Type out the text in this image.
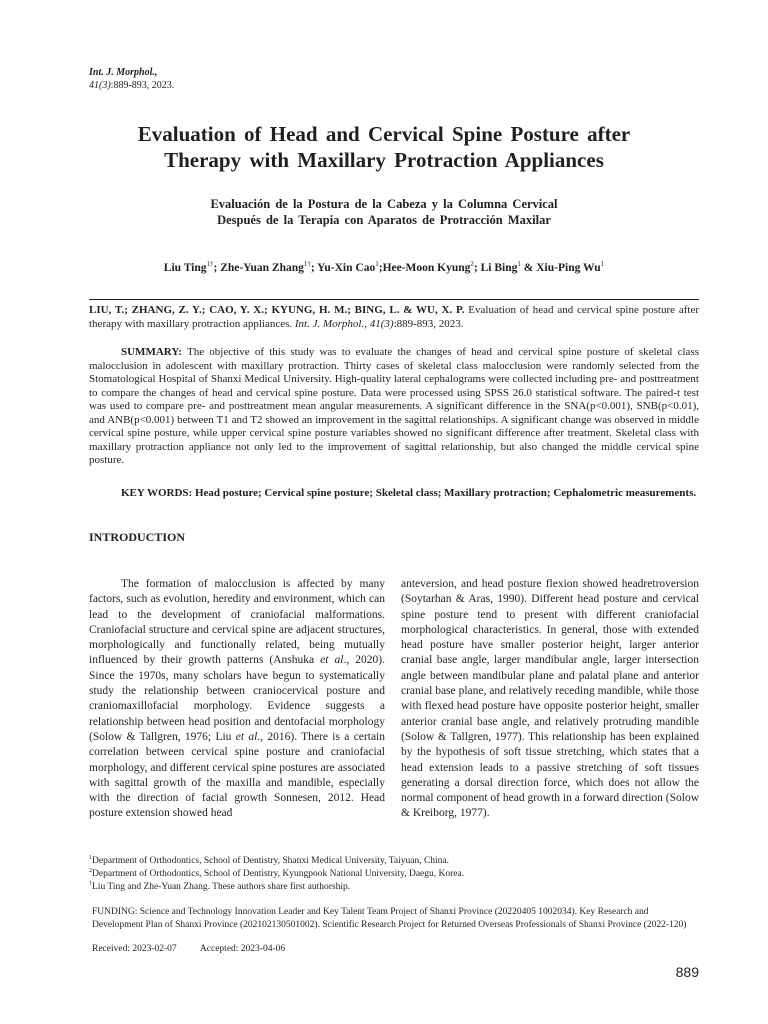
Int. J. Morphol.,
41(3):889-893, 2023.
Evaluation of Head and Cervical Spine Posture after
Therapy with Maxillary Protraction Appliances
Evaluación de la Postura de la Cabeza y la Columna Cervical
Después de la Terapia con Aparatos de Protracción Maxilar
Liu Ting$^{1\dagger}$; Zhe-Yuan Zhang$^{1\dagger}$; Yu-Xin Cao$^1$;Hee-Moon Kyung$^2$; Li Bing$^1$ & Xiu-Ping Wu$^1$
LIU, T.; ZHANG, Z. Y.; CAO, Y. X.; KYUNG, H. M.; BING, L. & WU, X. P. Evaluation of head and cervical spine posture after therapy with maxillary protraction appliances. Int. J. Morphol., 41(3):889-893, 2023.
SUMMARY: The objective of this study was to evaluate the changes of head and cervical spine posture of skeletal class malocclusion in adolescent with maxillary protraction. Thirty cases of skeletal class malocclusion were randomly selected from the Stomatological Hospital of Shanxi Medical University. High-quality lateral cephalograms were collected including pre- and posttreatment to compare the changes of head and cervical spine posture. Data were processed using SPSS 26.0 statistical software. The paired-t test was used to compare pre- and posttreatment mean angular measurements. A significant difference in the SNA(p<0.001), SNB(p<0.01), and ANB(p<0.001) between T1 and T2 showed an improvement in the sagittal relationships. A significant change was observed in middle cervical spine posture, while upper cervical spine posture variables showed no significant difference after treatment. Skeletal class with maxillary protraction appliance not only led to the improvement of sagittal relationship, but also changed the middle cervical spine posture.
KEY WORDS: Head posture; Cervical spine posture; Skeletal class; Maxillary protraction; Cephalometric measurements.
INTRODUCTION
The formation of malocclusion is affected by many factors, such as evolution, heredity and environment, which can lead to the development of craniofacial malformations. Craniofacial structure and cervical spine are adjacent structures, morphologically and functionally related, being mutually influenced by their growth patterns (Anshuka et al., 2020). Since the 1970s, many scholars have begun to systematically study the relationship between craniocervical posture and craniomaxillofacial morphology. Evidence suggests a relationship between head position and dentofacial morphology (Solow & Tallgren, 1976; Liu et al., 2016). There is a certain correlation between cervical spine posture and craniofacial morphology, and different cervical spine postures are associated with sagittal growth of the maxilla and mandible, especially with the direction of facial growth Sonnesen, 2012. Head posture extension showed head
anteversion, and head posture flexion showed headretroversion (Soytarhan & Aras, 1990). Different head posture and cervical spine posture tend to present with different craniofacial morphological characteristics. In general, those with extended head posture have smaller posterior height, larger anterior cranial base angle, larger mandibular angle, larger intersection angle between mandibular plane and palatal plane and anterior cranial base plane, and relatively receding mandible, while those with flexed head posture have opposite posterior height, smaller anterior cranial base angle, and relatively protruding mandible (Solow & Tallgren, 1977). This relationship has been explained by the hypothesis of soft tissue stretching, which states that a head extension leads to a passive stretching of soft tissues generating a dorsal direction force, which does not allow the normal component of head growth in a forward direction (Solow & Kreiborg, 1977).
$^1$Department of Orthodontics, School of Dentistry, Shanxi Medical University, Taiyuan, China.
$^2$Department of Orthodontics, School of Dentistry, Kyungpook National University, Daegu, Korea.
†Liu Ting and Zhe-Yuan Zhang. These authors share first authorship.
FUNDING: Science and Technology Innovation Leader and Key Talent Team Project of Shanxi Province (20220405 1002034). Key Research and Development Plan of Shanxi Province (202102130501002). Scientific Research Project for Returned Overseas Professionals of Shanxi Province (2022-120)
Received: 2023-02-07 Accepted: 2023-04-06
889
